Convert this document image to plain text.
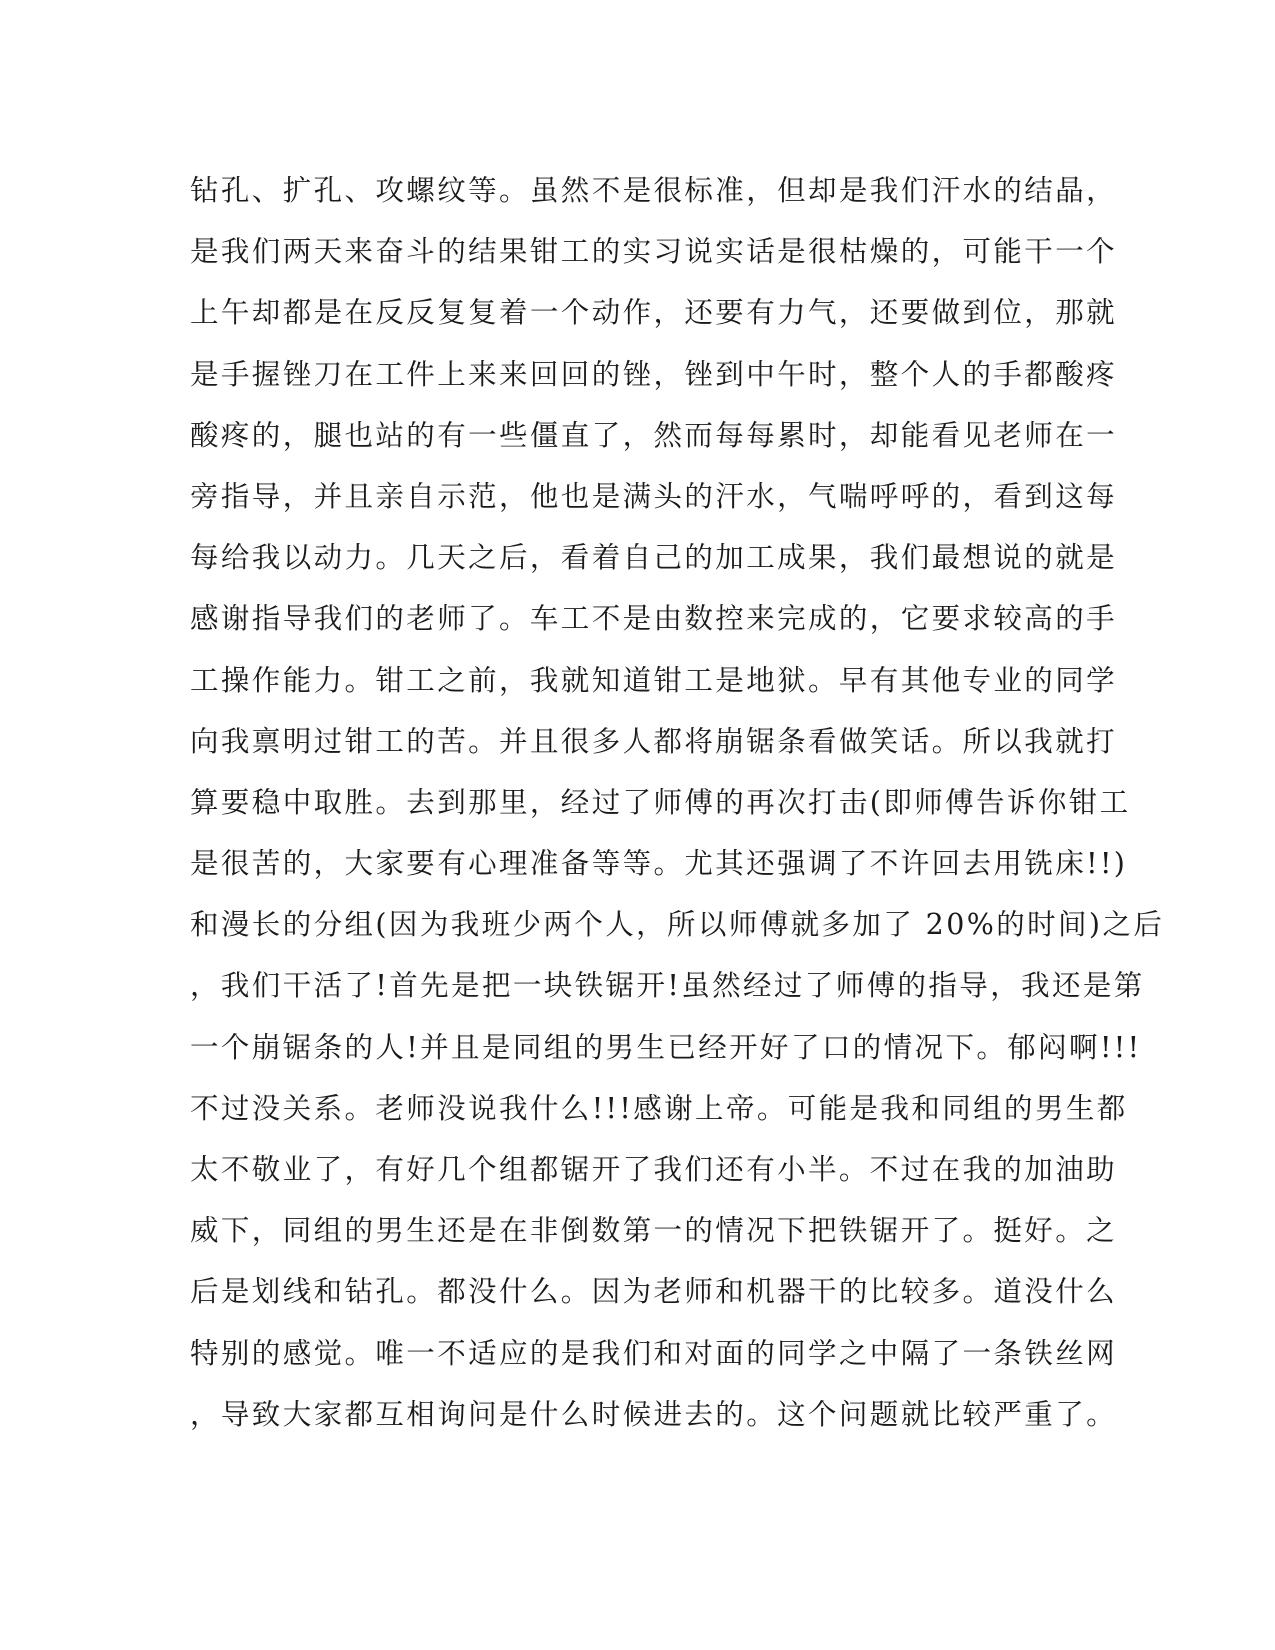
钻孔、扩孔、攻螺纹等。虽然不是很标准，但却是我们汗水的结晶，
是我们两天来奋斗的结果钳工的实习说实话是很枯燥的，可能干一个
上午却都是在反反复复着一个动作，还要有力气，还要做到位，那就
是手握锉刀在工件上来来回回的锉，锉到中午时，整个人的手都酸疼
酸疼的，腿也站的有一些僵直了，然而每每累时，却能看见老师在一
旁指导，并且亲自示范，他也是满头的汗水，气喘呼呼的，看到这每
每给我以动力。几天之后，看着自己的加工成果，我们最想说的就是
感谢指导我们的老师了。车工不是由数控来完成的，它要求较高的手
工操作能力。钳工之前，我就知道钳工是地狱。早有其他专业的同学
向我禀明过钳工的苦。并且很多人都将崩锯条看做笑话。所以我就打
算要稳中取胜。去到那里，经过了师傅的再次打击(即师傅告诉你钳工
是很苦的，大家要有心理准备等等。尤其还强调了不许回去用铣床!!)
和漫长的分组(因为我班少两个人，所以师傅就多加了 20%的时间)之后
，我们干活了!首先是把一块铁锯开!虽然经过了师傅的指导，我还是第
一个崩锯条的人!并且是同组的男生已经开好了口的情况下。郁闷啊!!!
不过没关系。老师没说我什么!!!感谢上帝。可能是我和同组的男生都
太不敬业了，有好几个组都锯开了我们还有小半。不过在我的加油助
威下，同组的男生还是在非倒数第一的情况下把铁锯开了。挺好。之
后是划线和钻孔。都没什么。因为老师和机器干的比较多。道没什么
特别的感觉。唯一不适应的是我们和对面的同学之中隔了一条铁丝网
，导致大家都互相询问是什么时候进去的。这个问题就比较严重了。
